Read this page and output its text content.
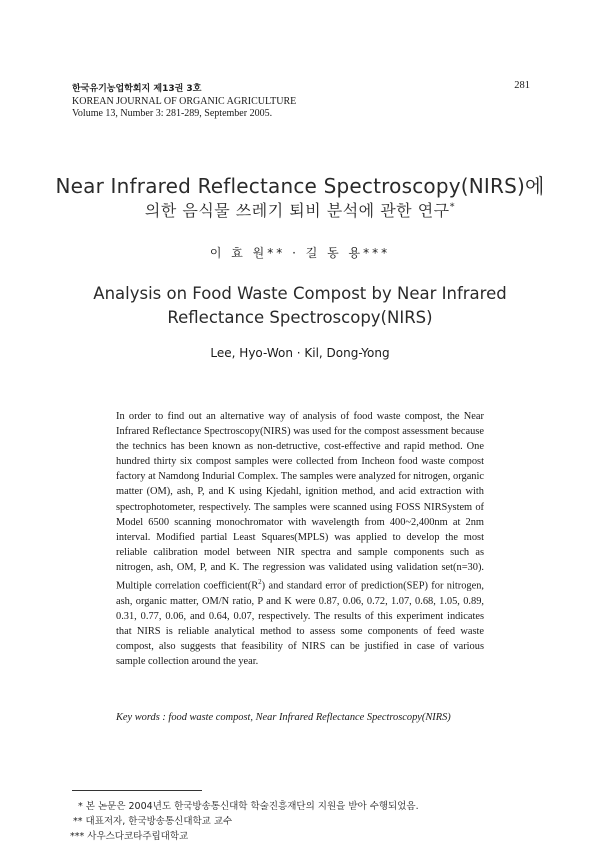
한국유기농업학회지 제13권 3호
KOREAN JOURNAL OF ORGANIC AGRICULTURE
Volume 13, Number 3: 281-289, September 2005.
281
Near Infrared Reflectance Spectroscopy(NIRS)에
의한 음식물 쓰레기 퇴비 분석에 관한 연구*
이 효 원** · 길 동 용***
Analysis on Food Waste Compost by Near Infrared
Reflectance Spectroscopy(NIRS)
Lee, Hyo-Won · Kil, Dong-Yong
In order to find out an alternative way of analysis of food waste compost, the Near Infrared Reflectance Spectroscopy(NIRS) was used for the compost assessment because the technics has been known as non-detructive, cost-effective and rapid method. One hundred thirty six compost samples were collected from Incheon food waste compost factory at Namdong Indurial Complex. The samples were analyzed for nitrogen, organic matter (OM), ash, P, and K using Kjedahl, ignition method, and acid extraction with spectrophotometer, respectively. The samples were scanned using FOSS NIRSystem of Model 6500 scanning monochromator with wavelength from 400~2,400nm at 2nm interval. Modified partial Least Squares(MPLS) was applied to develop the most reliable calibration model between NIR spectra and sample components such as nitrogen, ash, OM, P, and K. The regression was validated using validation set(n=30). Multiple correlation $coefficient(R^2)$ and standard error of prediction(SEP) for nitrogen, ash, organic matter, OM/N ratio, P and K were 0.87, 0.06, 0.72, 1.07, 0.68, 1.05, 0.89, 0.31, 0.77, 0.06, and 0.64, 0.07, respectively. The results of this experiment indicates that NIRS is reliable analytical method to assess some components of feed waste compost, also suggests that feasibility of NIRS can be justified in case of various sample collection around the year.
Key words : food waste compost, Near Infrared Reflectance Spectroscopy(NIRS)
* 본 논문은 2004년도 한국방송통신대학 학술진흥재단의 지원을 받아 수행되었음.
** 대표저자, 한국방송통신대학교 교수
*** 사우스다코타주립대학교
